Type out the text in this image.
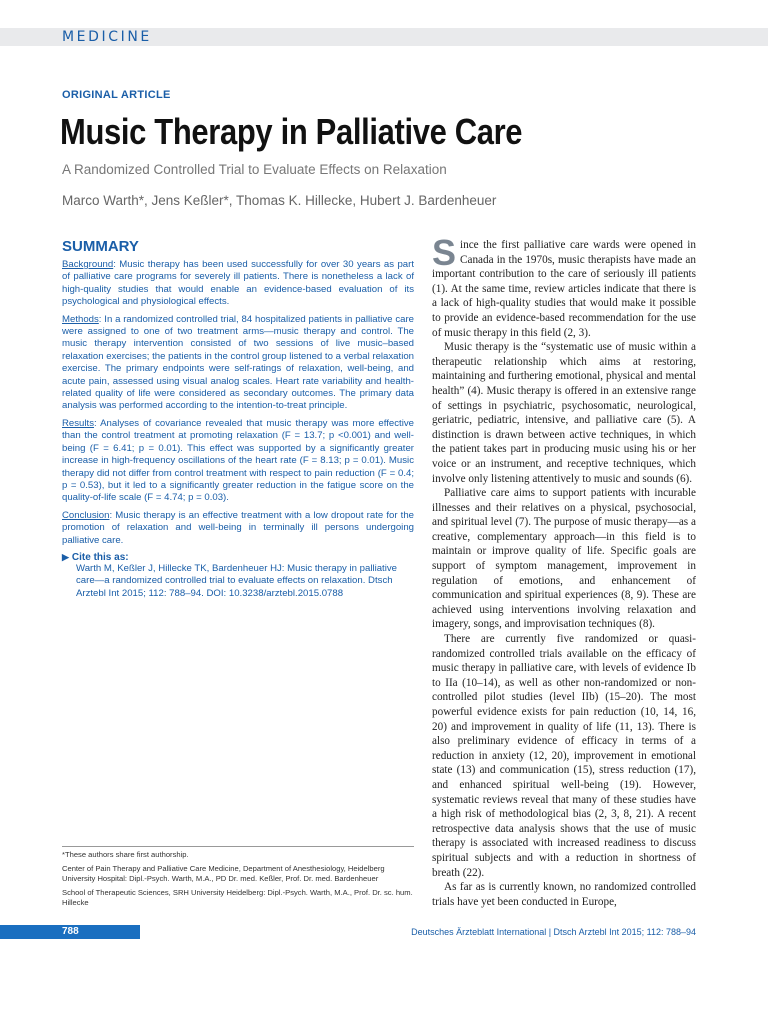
MEDICINE
ORIGINAL ARTICLE
Music Therapy in Palliative Care
A Randomized Controlled Trial to Evaluate Effects on Relaxation
Marco Warth*, Jens Keßler*, Thomas K. Hillecke, Hubert J. Bardenheuer
SUMMARY

Background: Music therapy has been used successfully for over 30 years as part of palliative care programs for severely ill patients. There is nonetheless a lack of high-quality studies that would enable an evidence-based evaluation of its psychological and physiological effects.

Methods: In a randomized controlled trial, 84 hospitalized patients in palliative care were assigned to one of two treatment arms—music therapy and control. The music therapy intervention consisted of two sessions of live music–based relaxation exercises; the patients in the control group listened to a verbal relaxation exercise. The primary endpoints were self-ratings of relaxation, well-being, and acute pain, assessed using visual analog scales. Heart rate variability and health-related quality of life were considered as secondary outcomes. The primary data analysis was performed according to the intention-to-treat principle.

Results: Analyses of covariance revealed that music therapy was more effective than the control treatment at promoting relaxation (F = 13.7; p <0.001) and well-being (F = 6.41; p = 0.01). This effect was supported by a significantly greater increase in high-frequency oscillations of the heart rate (F = 8.13; p = 0.01). Music therapy did not differ from control treatment with respect to pain reduction (F = 0.4; p = 0.53), but it led to a significantly greater reduction in the fatigue score on the quality-of-life scale (F = 4.74; p = 0.03).

Conclusion: Music therapy is an effective treatment with a low dropout rate for the promotion of relaxation and well-being in terminally ill persons undergoing palliative care.

▶ Cite this as:
Warth M, Keßler J, Hillecke TK, Bardenheuer HJ: Music therapy in palliative care—a randomized controlled trial to evaluate effects on relaxation. Dtsch Arztebl Int 2015; 112: 788–94. DOI: 10.3238/arztebl.2015.0788

Since the first palliative care wards were opened in Canada in the 1970s, music therapists have made an important contribution to the care of seriously ill patients (1). At the same time, review articles indicate that there is a lack of high-quality studies that would make it possible to provide an evidence-based recommendation for the use of music therapy in this field (2, 3).

Music therapy is the “systematic use of music within a therapeutic relationship which aims at restoring, maintaining and furthering emotional, physical and mental health” (4). Music therapy is offered in an extensive range of settings in psychiatric, psychosomatic, neurological, geriatric, pediatric, intensive, and palliative care (5). A distinction is drawn between active techniques, in which the patient takes part in producing music using his or her voice or an instrument, and receptive techniques, which involve only listening attentively to music and sounds (6).

Palliative care aims to support patients with incurable illnesses and their relatives on a physical, psychosocial, and spiritual level (7). The purpose of music therapy—as a creative, complementary approach—in this field is to maintain or improve quality of life. Specific goals are support of symptom management, improvement in regulation of emotions, and enhancement of communication and spiritual experiences (8, 9). These are achieved using interventions involving relaxation and imagery, songs, and improvisation techniques (8).

There are currently five randomized or quasi-randomized controlled trials available on the efficacy of music therapy in palliative care, with levels of evidence Ib to IIa (10–14), as well as other non-randomized or non-controlled pilot studies (level IIb) (15–20). The most powerful evidence exists for pain reduction (10, 14, 16, 20) and improvement in quality of life (11, 13). There is also preliminary evidence of efficacy in terms of a reduction in anxiety (12, 20), improvement in emotional state (13) and communication (15), stress reduction (17), and enhanced spiritual well-being (19). However, systematic reviews reveal that many of these studies have a high risk of methodological bias (2, 3, 8, 21). A recent retrospective data analysis shows that the use of music therapy is associated with increased readiness to discuss spiritual subjects and with a reduction in shortness of breath (22).

As far as is currently known, no randomized controlled trials have yet been conducted in Europe,

*These authors share first authorship.

Center of Pain Therapy and Palliative Care Medicine, Department of Anesthesiology, Heidelberg University Hospital: Dipl.-Psych. Warth, M.A., PD Dr. med. Keßler, Prof. Dr. med. Bardenheuer

School of Therapeutic Sciences, SRH University Heidelberg: Dipl.-Psych. Warth, M.A., Prof. Dr. sc. hum. Hillecke

788	Deutsches Ärzteblatt International | Dtsch Arztebl Int 2015; 112: 788–94
